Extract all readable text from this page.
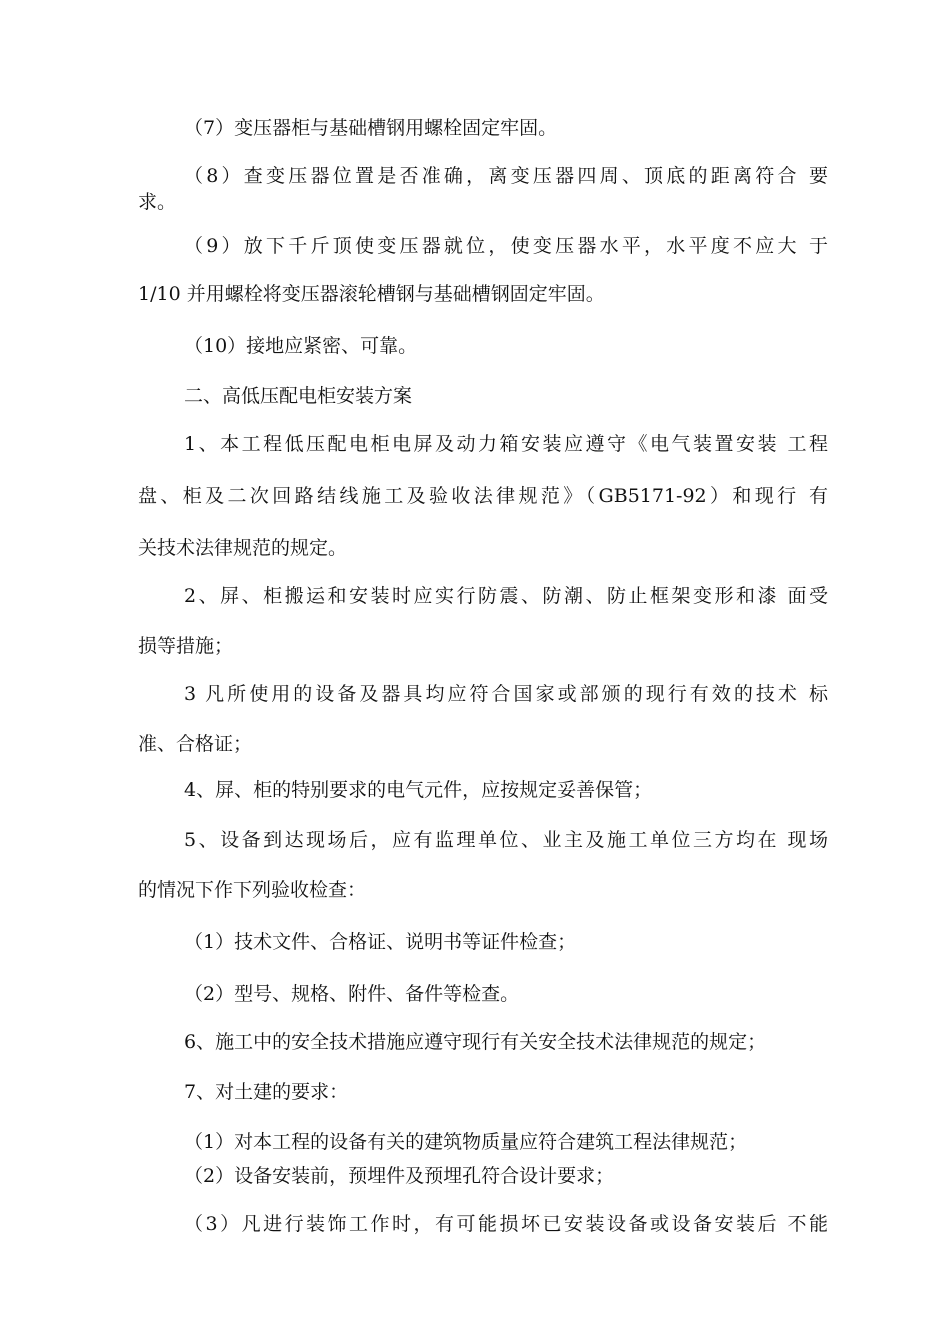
（7）变压器柜与基础槽钢用螺栓固定牢固。
（8）查变压器位置是否准确，离变压器四周、顶底的距离符合 要
求。
（9）放下千斤顶使变压器就位，使变压器水平，水平度不应大 于
1/10 并用螺栓将变压器滚轮槽钢与基础槽钢固定牢固。
（10）接地应紧密、可靠。
二、高低压配电柜安装方案
1、本工程低压配电柜电屏及动力箱安装应遵守《电气装置安装 工程
盘、柜及二次回路结线施工及验收法律规范》（GB5171-92）和现行 有
关技术法律规范的规定。
2、屏、柜搬运和安装时应实行防震、防潮、防止框架变形和漆 面受
损等措施；
3 凡所使用的设备及器具均应符合国家或部颁的现行有效的技术 标
准、合格证；
4、屏、柜的特别要求的电气元件，应按规定妥善保管；
5、设备到达现场后，应有监理单位、业主及施工单位三方均在 现场
的情况下作下列验收检查：
（1）技术文件、合格证、说明书等证件检查；
（2）型号、规格、附件、备件等检查。
6、施工中的安全技术措施应遵守现行有关安全技术法律规范的规定；
7、对土建的要求：
（1）对本工程的设备有关的建筑物质量应符合建筑工程法律规范；
（2）设备安装前，预埋件及预埋孔符合设计要求；
（3）凡进行装饰工作时，有可能损坏已安装设备或设备安装后 不能
